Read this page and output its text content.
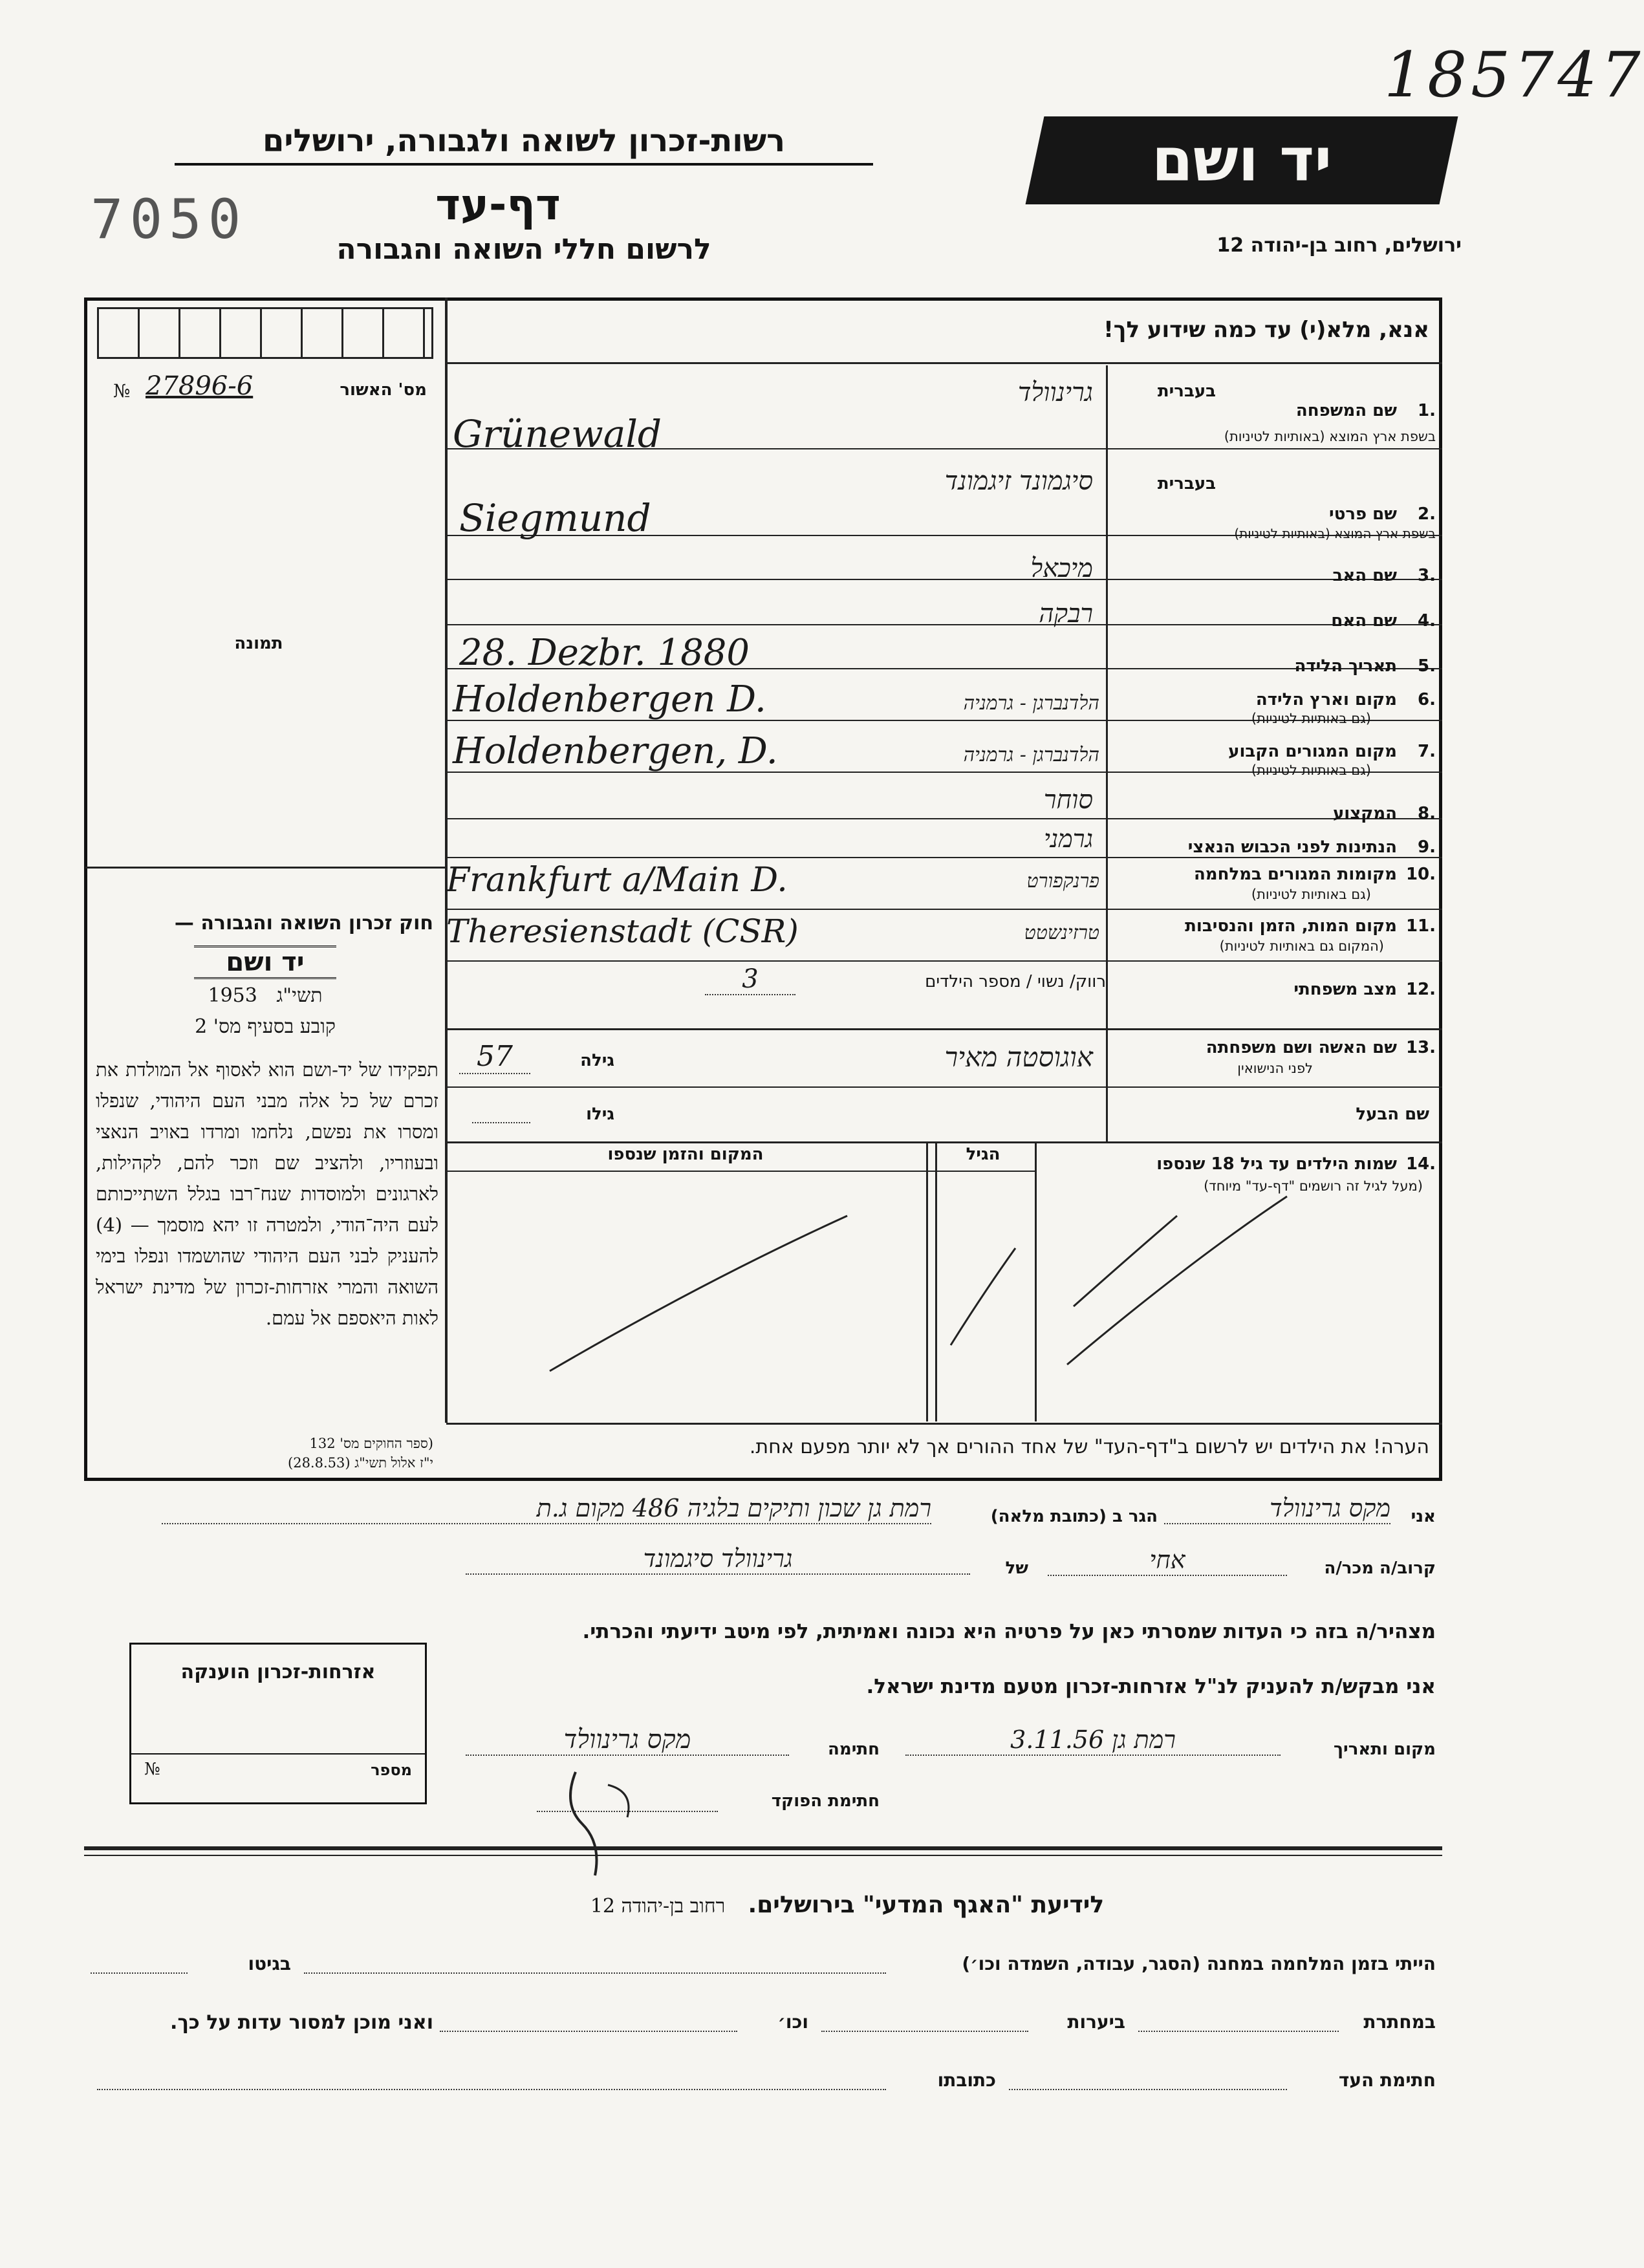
185747
רשות-זכרון לשואה ולגבורה, ירושלים
דף-עד
7050	לרשום חללי השואה והגבורה
יד ושם
ירושלים, רחוב בן-יהודה 12
אנא, מלא(י) עד כמה שידוע לך!
מס' האשור
№ 27896-6
תמונה
חוק זכרון השואה והגבורה —
יד ושם
1953 תשי"ג
קובע בסעיף מס' 2
תפקידו של יד-ושם הוא לאסוף אל המולדת את זכרם של כל אלה מבני העם היהודי, שנפלו ומסרו את נפשם, נלחמו ומרדו באויב הנאצי ובעוזריו, ולהציב שם וזכר להם, לקהילות, לארגונים ולמוסדות שנח־רבו בגלל השתייכותם לעם היה־הודי, ולמטרה זו יהא מוסמך — (4) להעניק לבני העם היהודי שהושמדו ונפלו בימי השואה והמרי אזרחות-זכרון של מדינת ישראל לאות היאספם אל עמם.
(ספר החוקים מס' 132
י"ז אלול תשי"ג (28.8.53)
1.
שם המשפחה
בעברית
בשפת ארץ המוצא (באותיות לטיניות)
גרינוולד
Grünewald
2.
שם פרטי
בעברית
בשפת ארץ המוצא (באותיות לטיניות)
סיגמונד זיגמונד
Siegmund
3.
שם האב
מיכאל
4.
שם האם
רבקה
5.
תאריך הלידה
28. Dezbr. 1880
6.
מקום וארץ הלידה
(גם באותיות לטיניות)
Holdenbergen D.	הלדנברגן - גרמניה
7.
מקום המגורים הקבוע
(גם באותיות לטיניות)
Holdenbergen, D.	הלדנברגן - גרמניה
8.
המקצוע
סוחר
9.
הנתינות לפני הכבוש הנאצי
גרמני
10.
מקומות המגורים במלחמה
(גם באותיות לטיניות)
Frankfurt a/Main D.	פרנקפורט
11.
מקום המות, הזמן והנסיבות
(המקום גם באותיות לטיניות)
Theresienstadt (CSR)	טרזינשטט
12.
מצב משפחתי
רווק/ נשוי / מספר הילדים
3
13.
שם האשה ושם משפחתה
לפני הנישואין
אוגוסטה מאיר
גילה
57
שם הבעל
גילו
14.
שמות הילדים עד גיל 18 שנספו
(מעל לגיל זה רושמים "דף-עד" מיוחד)
הגיל
המקום והזמן שנספו
הערה! את הילדים יש לרשום ב"דף-העד" של אחד ההורים אך לא יותר מפעם אחת.
אני
מקס גרינוולד
הגר ב (כתובת מלאה)
רמת גן שכון ותיקים בלגיה 486 מקום ג.ת
קרוב/ה מכר/ה
אחי
של
גרינוולד סיגמונד
מצהיר/ה בזה כי העדות שמסרתי כאן על פרטיה היא נכונה ואמיתית, לפי מיטב ידיעתי והכרתי.
אני מבקש/ת להעניק לנ"ל אזרחות-זכרון מטעם מדינת ישראל.
מקום ותאריך
רמת גן 3.11.56
חתימה
מקס גרינוולד
חתימת הפוקד
אזרחות-זכרון הוענקה
מספר
№
רחוב בן-יהודה 12 לידיעת "האגף המדעי" בירושלים.
הייתי בזמן המלחמה במחנה (הסגר, עבודה, השמדה וכו׳)
בגיטו
במחתרת
ביערות
וכו׳
ואני מוכן למסור עדות על כך.
חתימת העד
כתובתו
